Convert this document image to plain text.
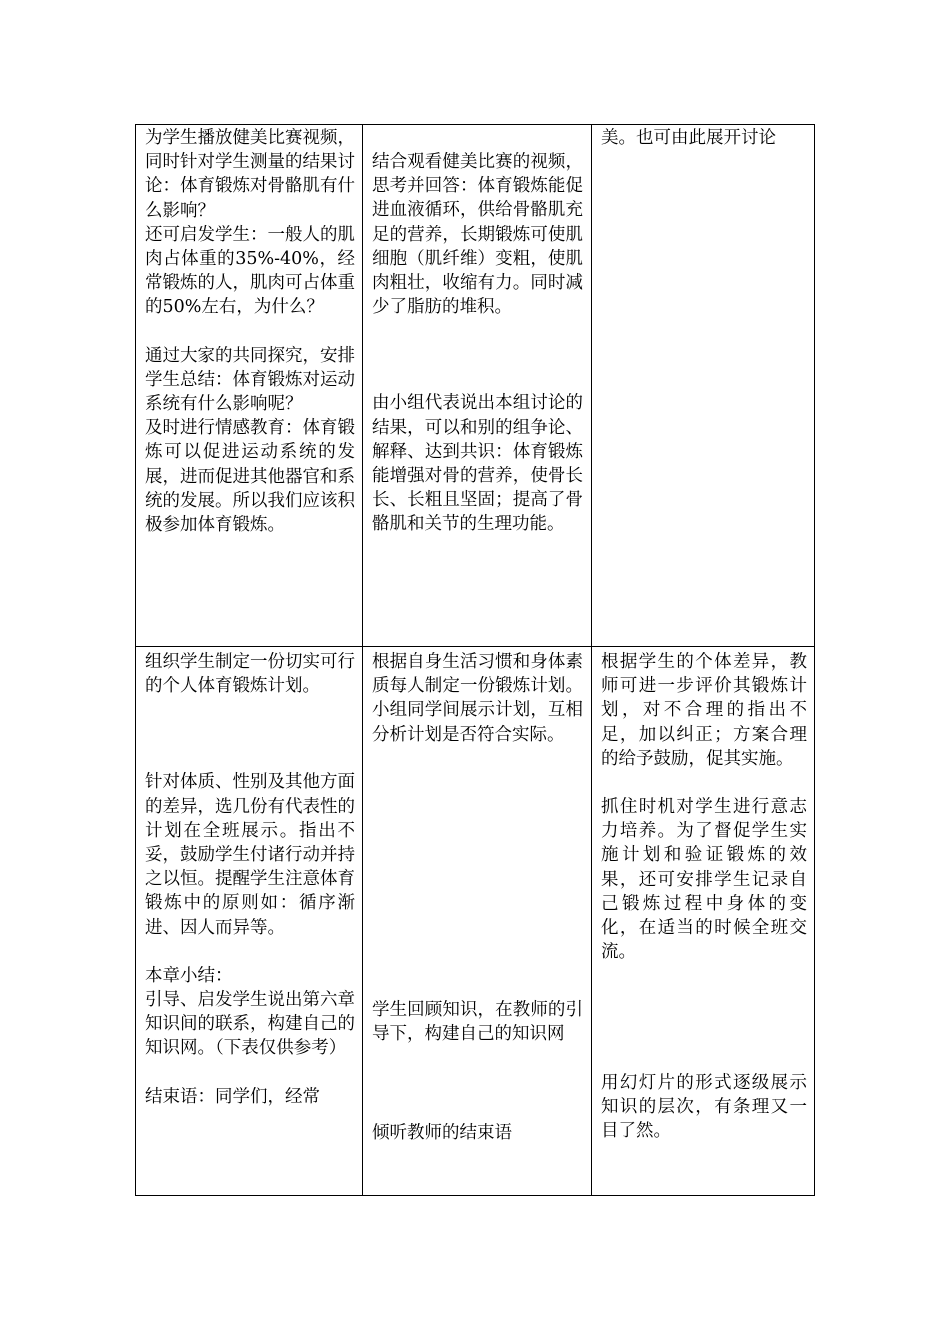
为学生播放健美比赛视频，同时针对学生测量的结果讨论：体育锻炼对骨骼肌有什么影响？

还可启发学生：一般人的肌肉占体重的35%-40%，经常锻炼的人，肌肉可占体重的50%左右，为什么？

通过大家的共同探究，安排学生总结：体育锻炼对运动系统有什么影响呢？

及时进行情感教育：体育锻炼可以促进运动系统的发展，进而促进其他器官和系统的发展。所以我们应该积极参加体育锻炼。

结合观看健美比赛的视频，思考并回答：体育锻炼能促进血液循环，供给骨骼肌充足的营养，长期锻炼可使肌细胞（肌纤维）变粗，使肌肉粗壮，收缩有力。同时减少了脂肪的堆积。

由小组代表说出本组讨论的结果，可以和别的组争论、解释、达到共识：体育锻炼能增强对骨的营养，使骨长长、长粗且坚固；提高了骨骼肌和关节的生理功能。

美。也可由此展开讨论

组织学生制定一份切实可行的个人体育锻炼计划。

针对体质、性别及其他方面的差异，选几份有代表性的计划在全班展示。指出不妥，鼓励学生付诸行动并持之以恒。提醒学生注意体育锻炼中的原则如：循序渐进、因人而异等。

本章小结：

引导、启发学生说出第六章知识间的联系，构建自己的知识网。（下表仅供参考）

结束语：同学们，经常

根据自身生活习惯和身体素质每人制定一份锻炼计划。小组同学间展示计划，互相分析计划是否符合实际。

学生回顾知识，在教师的引导下，构建自己的知识网

倾听教师的结束语

根据学生的个体差异，教师可进一步评价其锻炼计划，对不合理的指出不足，加以纠正；方案合理的给予鼓励，促其实施。

抓住时机对学生进行意志力培养。为了督促学生实施计划和验证锻炼的效果，还可安排学生记录自己锻炼过程中身体的变化，在适当的时候全班交流。

用幻灯片的形式逐级展示知识的层次，有条理又一目了然。
